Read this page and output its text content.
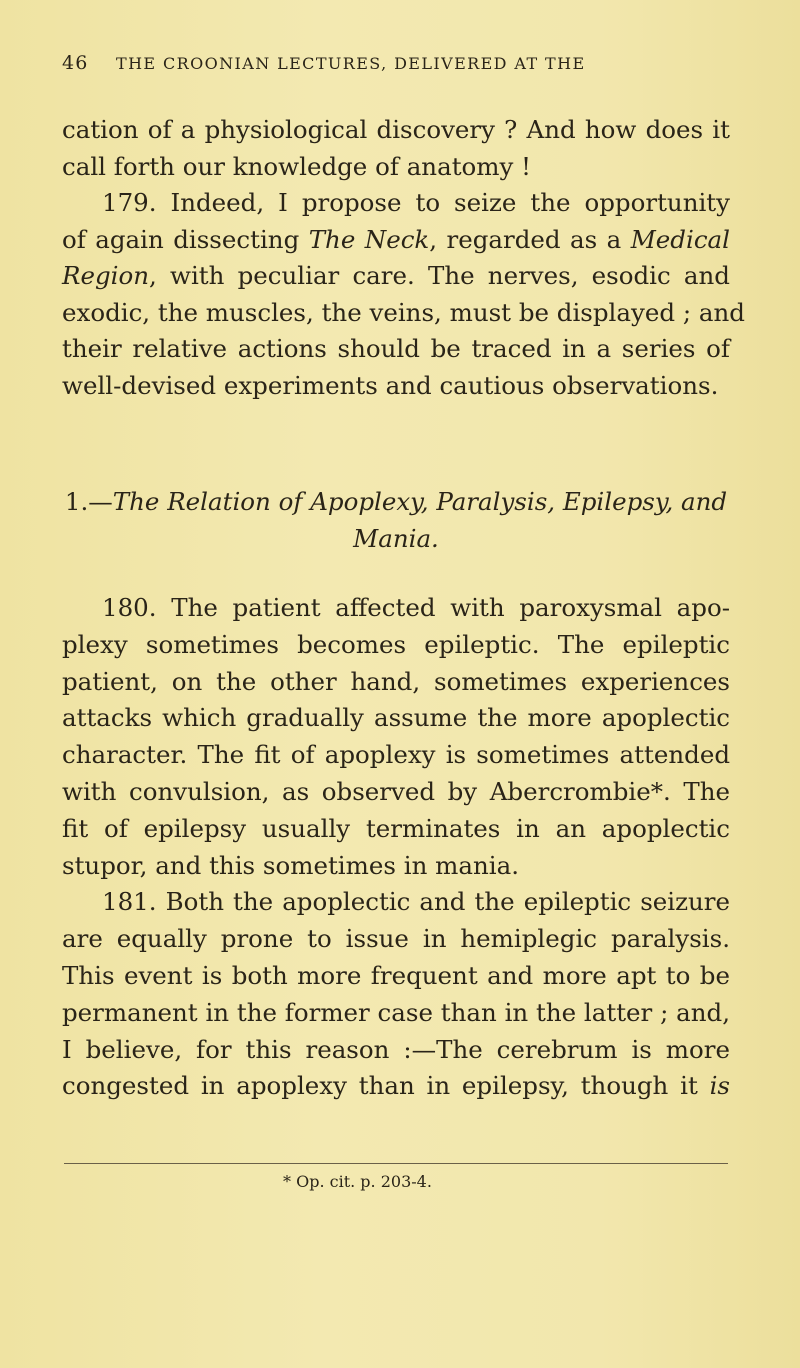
46 THE CROONIAN LECTURES, DELIVERED AT THE
cation of a physiological discovery ? And how does it
call forth our knowledge of anatomy !
179. Indeed, I propose to seize the opportunity
of again dissecting The Neck, regarded as a Medical
Region, with peculiar care. The nerves, esodic and
exodic, the muscles, the veins, must be displayed ; and
their relative actions should be traced in a series of
well-devised experiments and cautious observations.
1.—The Relation of Apoplexy, Paralysis, Epilepsy, and
Mania.
180. The patient affected with paroxysmal apo-
plexy sometimes becomes epileptic. The epileptic
patient, on the other hand, sometimes experiences
attacks which gradually assume the more apoplectic
character. The fit of apoplexy is sometimes attended
with convulsion, as observed by Abercrombie*. The
fit of epilepsy usually terminates in an apoplectic
stupor, and this sometimes in mania.
181. Both the apoplectic and the epileptic seizure
are equally prone to issue in hemiplegic paralysis.
This event is both more frequent and more apt to be
permanent in the former case than in the latter ; and,
I believe, for this reason :—The cerebrum is more
congested in apoplexy than in epilepsy, though it is
* Op. cit. p. 203-4.
